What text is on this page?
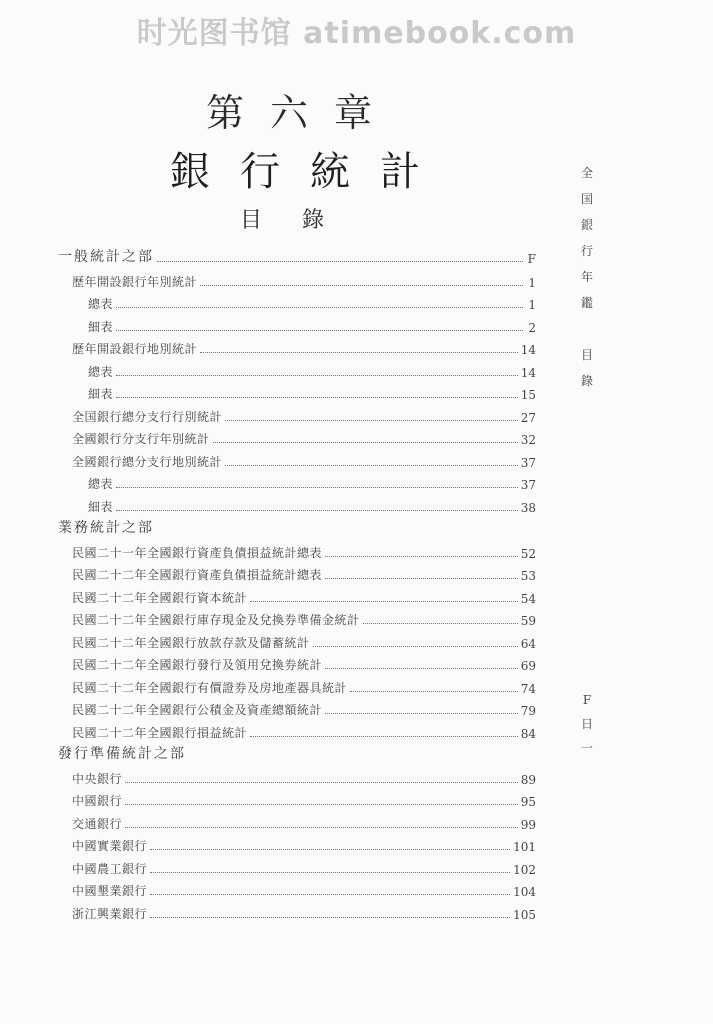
时光图书馆 atimebook.com
第六章
銀行統計
目錄
一般統計之部	F
歷年開設銀行年別統計	1
總表	1
細表	2
歷年開設銀行地別統計	14
總表	14
細表	15
全国銀行總分支行行別統計	27
全國銀行分支行年別統計	32
全國銀行總分支行地別統計	37
總表	37
細表	38
業務統計之部
民國二十一年全國銀行資產負債損益統計總表	52
民國二十二年全國銀行資產負債損益統計總表	53
民國二十二年全國銀行資本統計	54
民國二十二年全國銀行庫存現金及兌換券準備金統計	59
民國二十二年全國銀行放款存款及儲蓄統計	64
民國二十二年全國銀行發行及領用兌換券統計	69
民國二十二年全國銀行有價證券及房地產器具統計	74
民國二十二年全國銀行公積金及資產總額統計	79
民國二十二年全國銀行損益統計	84
發行準備統計之部
中央銀行	89
中國銀行	95
交通銀行	99
中國實業銀行	101
中國農工銀行	102
中國墾業銀行	104
浙江興業銀行	105
全
国
銀
行
年
鑑

目
錄
F
日
一
